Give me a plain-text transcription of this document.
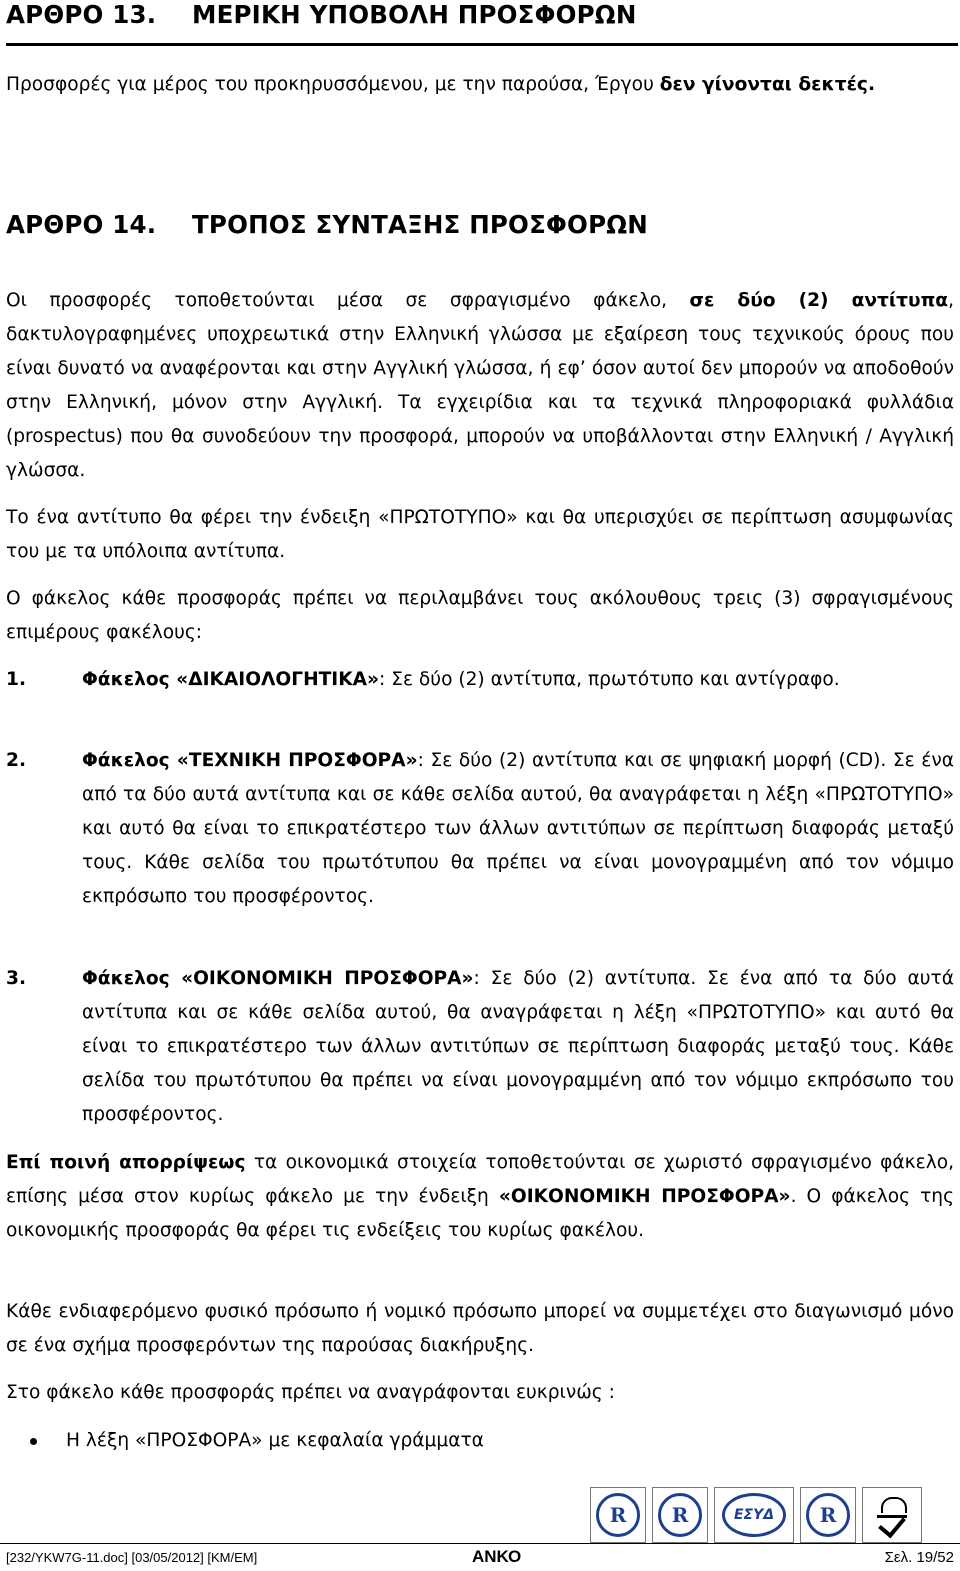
ΑΡΘΡΟ 13. ΜΕΡΙΚΗ ΥΠΟΒΟΛΗ ΠΡΟΣΦΟΡΩΝ
Προσφορές για μέρος του προκηρυσσόμενου, με την παρούσα, Έργου δεν γίνονται δεκτές.
ΑΡΘΡΟ 14. ΤΡΟΠΟΣ ΣΥΝΤΑΞΗΣ ΠΡΟΣΦΟΡΩΝ
Οι προσφορές τοποθετούνται μέσα σε σφραγισμένο φάκελο, σε δύο (2) αντίτυπα, δακτυλογραφημένες υποχρεωτικά στην Ελληνική γλώσσα με εξαίρεση τους τεχνικούς όρους που είναι δυνατό να αναφέρονται και στην Αγγλική γλώσσα, ή εφ’ όσον αυτοί δεν μπορούν να αποδοθούν στην Ελληνική, μόνον στην Αγγλική. Τα εγχειρίδια και τα τεχνικά πληροφοριακά φυλλάδια (prospectus) που θα συνοδεύουν την προσφορά, μπορούν να υποβάλλονται στην Ελληνική / Αγγλική γλώσσα.
Το ένα αντίτυπο θα φέρει την ένδειξη «ΠΡΩΤΟΤΥΠΟ» και θα υπερισχύει σε περίπτωση ασυμφωνίας του με τα υπόλοιπα αντίτυπα.
Ο φάκελος κάθε προσφοράς πρέπει να περιλαμβάνει τους ακόλουθους τρεις (3) σφραγισμένους επιμέρους φακέλους:
1.	Φάκελος «ΔΙΚΑΙΟΛΟΓΗΤΙΚΑ»: Σε δύο (2) αντίτυπα, πρωτότυπο και αντίγραφο.
2.	Φάκελος «ΤΕΧΝΙΚΗ ΠΡΟΣΦΟΡΑ»: Σε δύο (2) αντίτυπα και σε ψηφιακή μορφή (CD). Σε ένα από τα δύο αυτά αντίτυπα και σε κάθε σελίδα αυτού, θα αναγράφεται η λέξη «ΠΡΩΤΟΤΥΠΟ» και αυτό θα είναι το επικρατέστερο των άλλων αντιτύπων σε περίπτωση διαφοράς μεταξύ τους. Κάθε σελίδα του πρωτότυπου θα πρέπει να είναι μονογραμμένη από τον νόμιμο εκπρόσωπο του προσφέροντος.
3.	Φάκελος «ΟΙΚΟΝΟΜΙΚΗ ΠΡΟΣΦΟΡΑ»: Σε δύο (2) αντίτυπα. Σε ένα από τα δύο αυτά αντίτυπα και σε κάθε σελίδα αυτού, θα αναγράφεται η λέξη «ΠΡΩΤΟΤΥΠΟ» και αυτό θα είναι το επικρατέστερο των άλλων αντιτύπων σε περίπτωση διαφοράς μεταξύ τους. Κάθε σελίδα του πρωτότυπου θα πρέπει να είναι μονογραμμένη από τον νόμιμο εκπρόσωπο του προσφέροντος.
Επί ποινή απορρίψεως τα οικονομικά στοιχεία τοποθετούνται σε χωριστό σφραγισμένο φάκελο, επίσης μέσα στον κυρίως φάκελο με την ένδειξη «ΟΙΚΟΝΟΜΙΚΗ ΠΡΟΣΦΟΡΑ». Ο φάκελος της οικονομικής προσφοράς θα φέρει τις ενδείξεις του κυρίως φακέλου.
Κάθε ενδιαφερόμενο φυσικό πρόσωπο ή νομικό πρόσωπο μπορεί να συμμετέχει στο διαγωνισμό μόνο σε ένα σχήμα προσφερόντων της παρούσας διακήρυξης.
Στο φάκελο κάθε προσφοράς πρέπει να αναγράφονται ευκρινώς :
Η λέξη «ΠΡΟΣΦΟΡΑ» με κεφαλαία γράμματα
R R	ΕΣΥΔ R
[232/YKW7G-11.doc] [03/05/2012] [KM/EM]	ΑΝΚΟ	Σελ. 19/52
